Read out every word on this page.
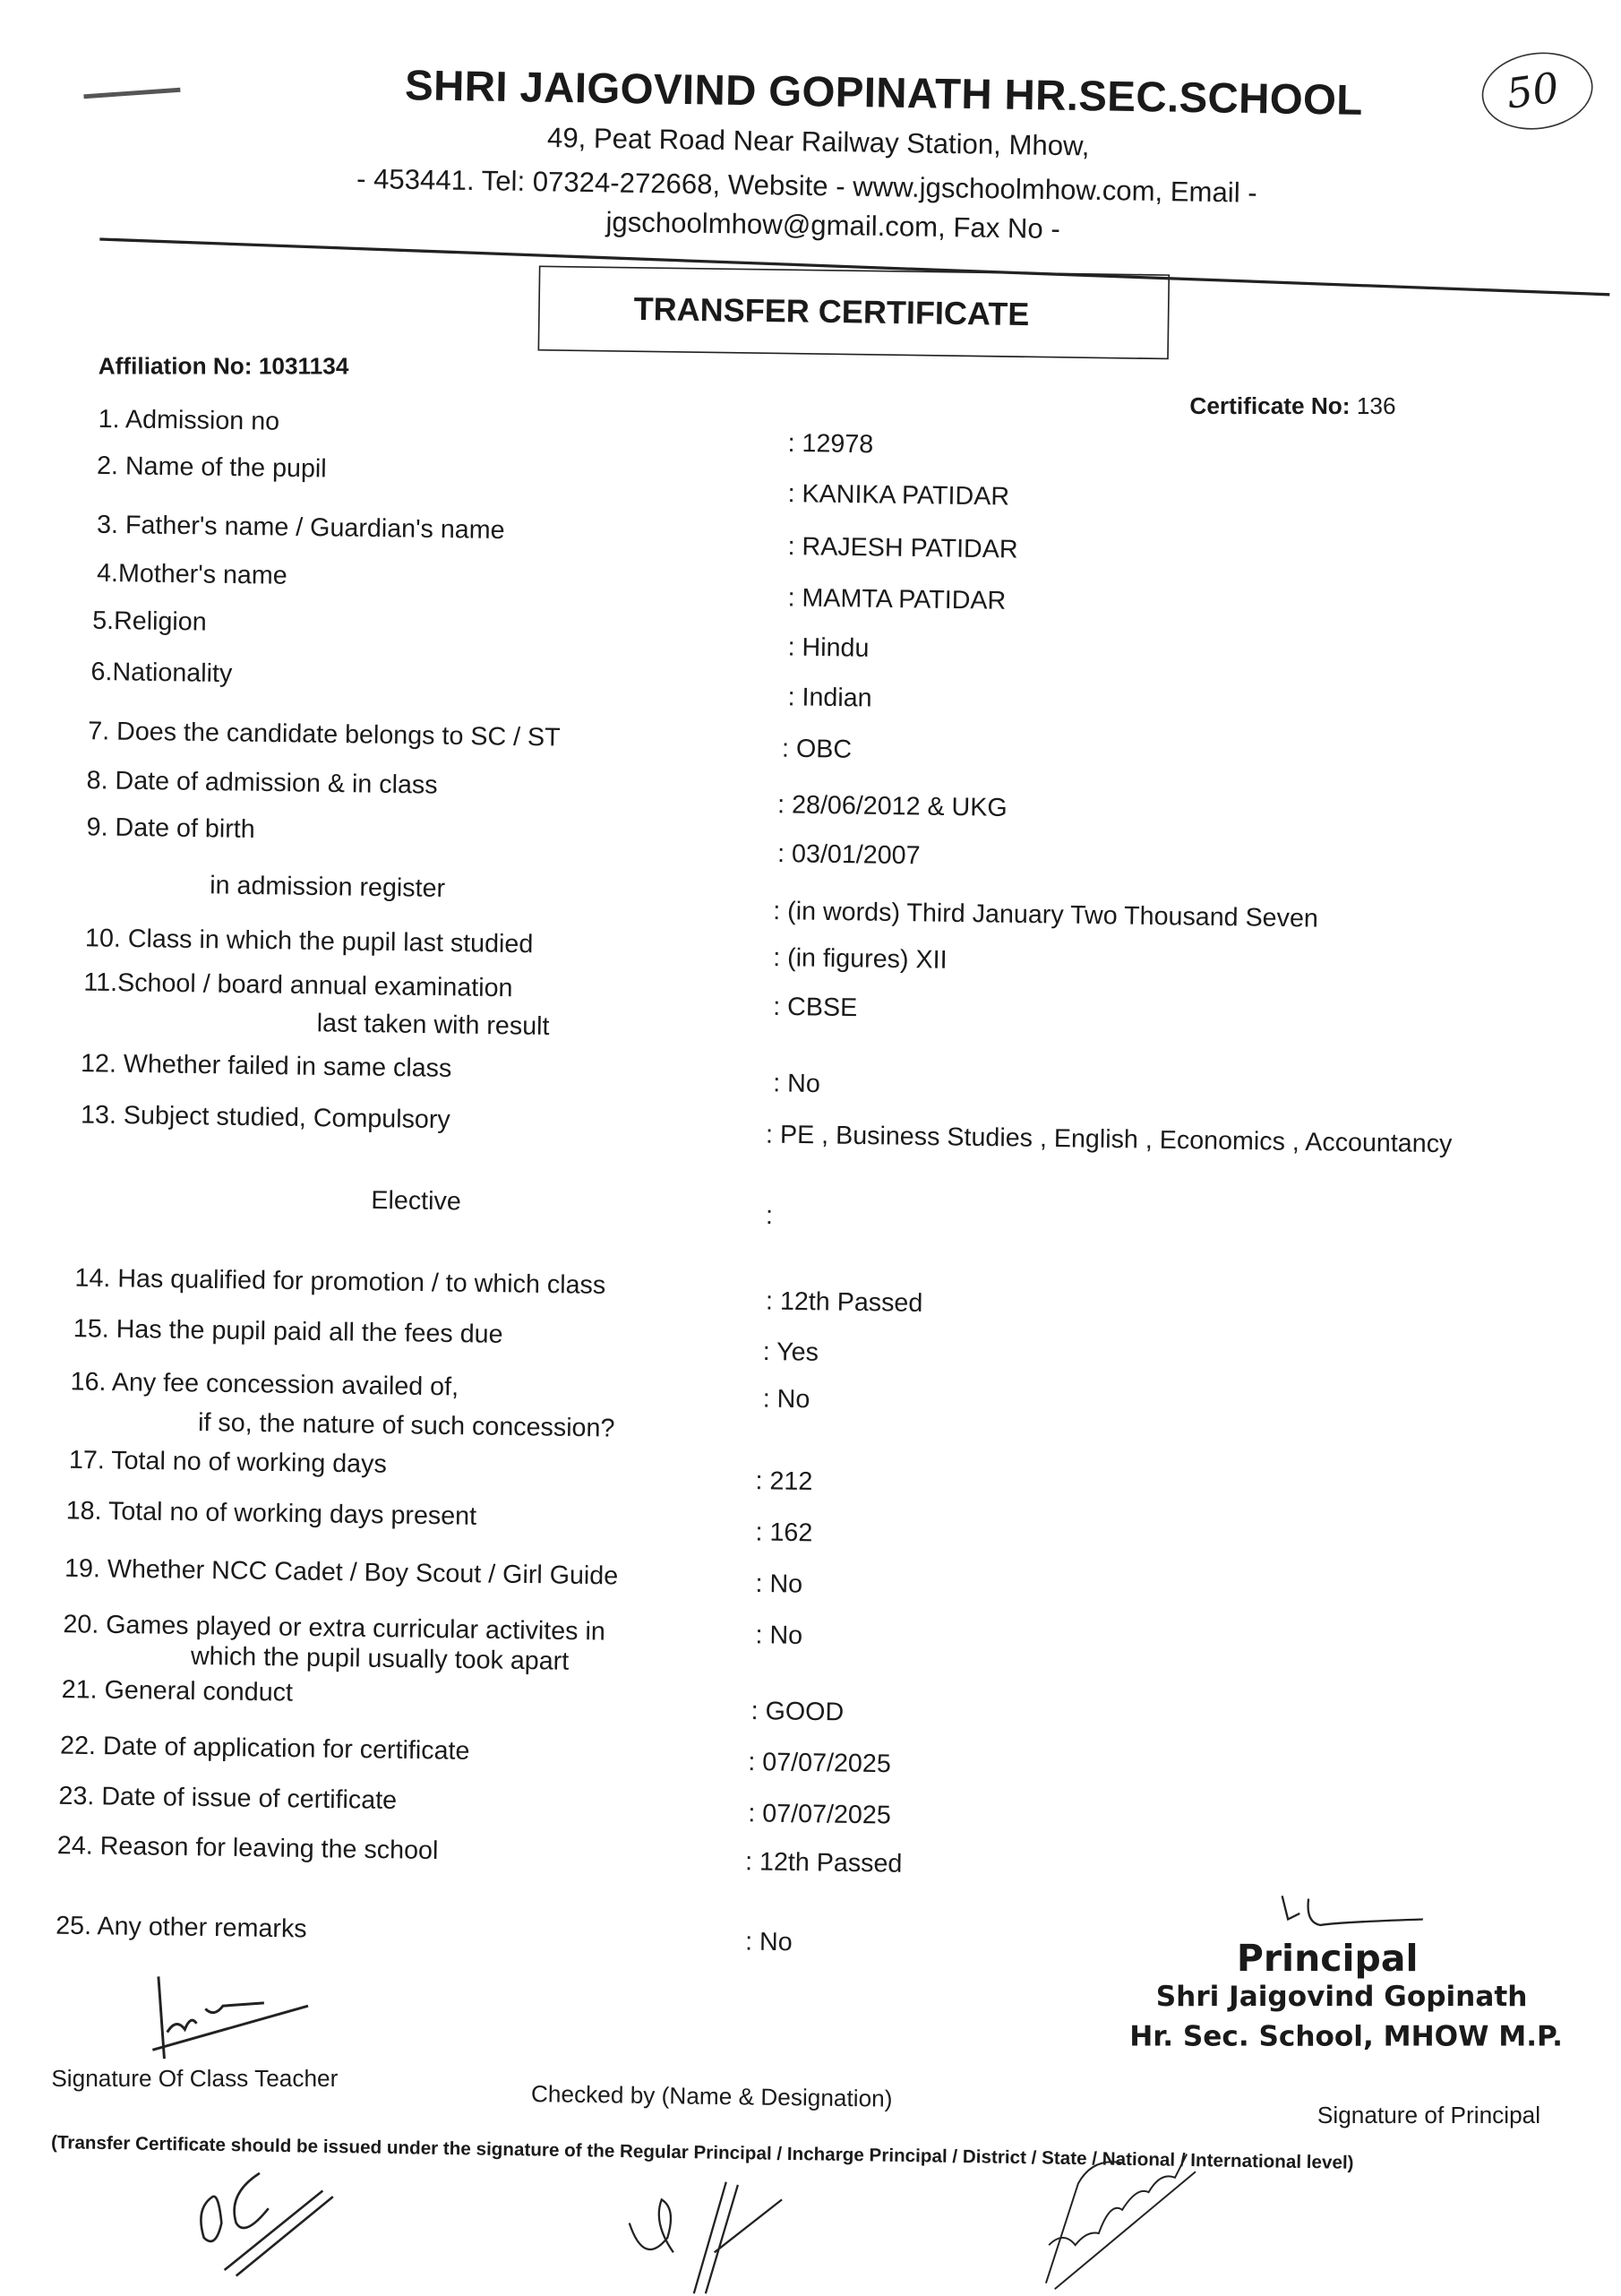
SHRI JAIGOVIND GOPINATH HR.SEC.SCHOOL
49, Peat Road Near Railway Station, Mhow,
- 453441. Tel: 07324-272668, Website - www.jgschoolmhow.com, Email -
jgschoolmhow@gmail.com, Fax No -
50
TRANSFER CERTIFICATE
Affiliation No: 1031134
Certificate No: 136
1. Admission no
: 12978
2. Name of the pupil
: KANIKA PATIDAR
3. Father's name / Guardian's name
: RAJESH PATIDAR
4.Mother's name
: MAMTA PATIDAR
5.Religion
: Hindu
6.Nationality
: Indian
7. Does the candidate belongs to SC / ST	: OBC
8. Date of admission & in class
: 28/06/2012 & UKG
9. Date of birth
: 03/01/2007
in admission register
: (in words) Third January Two Thousand Seven
10. Class in which the pupil last studied	: (in figures) XII
11.School / board annual examination
last taken with result
: CBSE
12. Whether failed in same class
: No
13. Subject studied, Compulsory
: PE , Business Studies , English , Economics , Accountancy
Elective	:
14. Has qualified for promotion / to which class
: 12th Passed
15. Has the pupil paid all the fees due
: Yes
16. Any fee concession availed of,
if so, the nature of such concession?
: No
17. Total no of working days
: 212
18. Total no of working days present
: 162
19. Whether NCC Cadet / Boy Scout / Girl Guide	: No
20. Games played or extra curricular activites in
which the pupil usually took apart
: No
21. General conduct
: GOOD
22. Date of application for certificate	: 07/07/2025
23. Date of issue of certificate	: 07/07/2025
24. Reason for leaving the school	: 12th Passed
25. Any other remarks	: No	Principal
Shri Jaigovind Gopinath
Hr. Sec. School, MHOW M.P.
Signature Of Class Teacher
Checked by (Name & Designation)
Signature of Principal
(Transfer Certificate should be issued under the signature of the Regular Principal / Incharge Principal / District / State / National / International level)
